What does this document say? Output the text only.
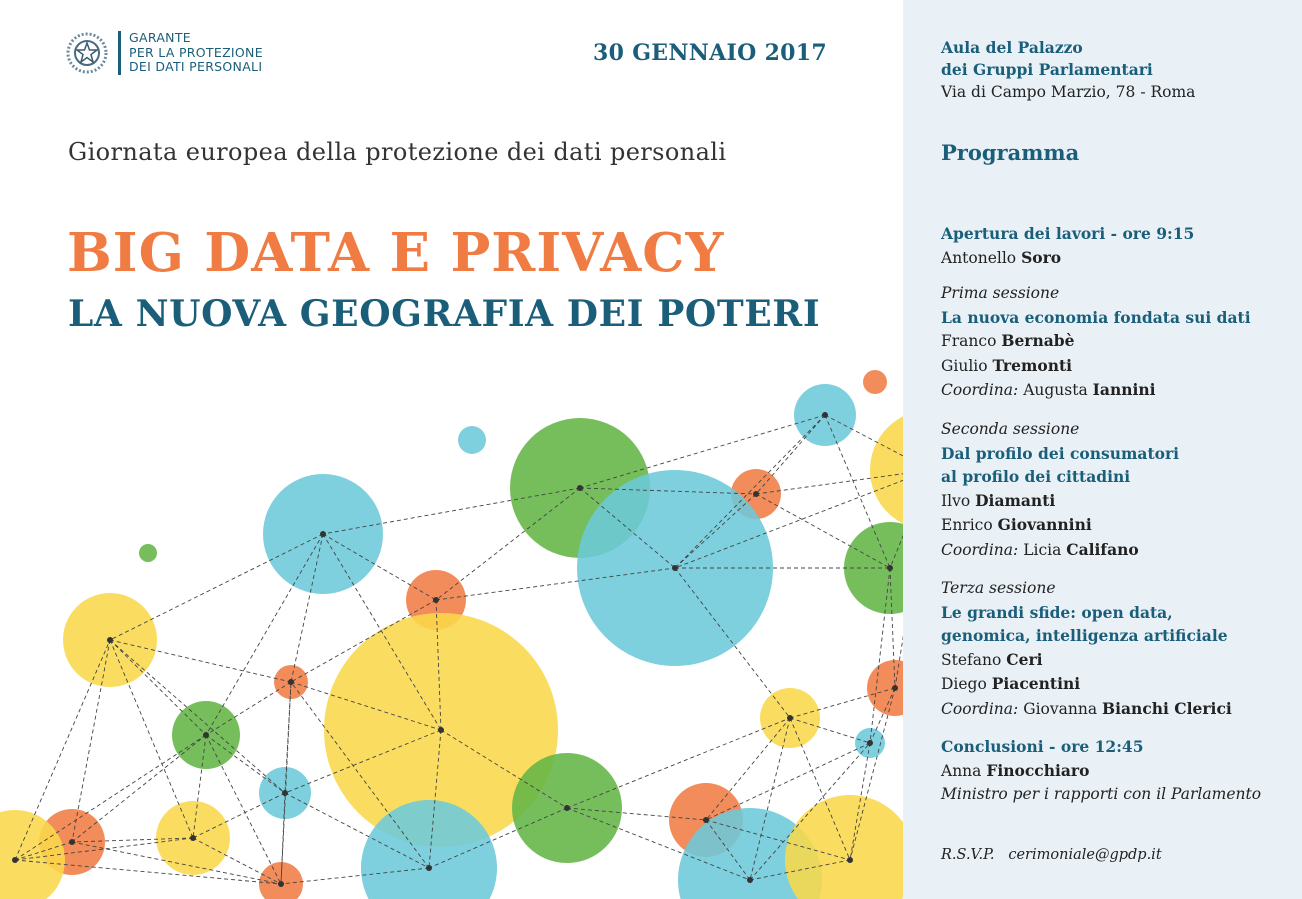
GARANTE
PER LA PROTEZIONE
DEI DATI PERSONALI
30 GENNAIO 2017
Giornata europea della protezione dei dati personali
BIG DATA E PRIVACY
LA NUOVA GEOGRAFIA DEI POTERI
Aula del Palazzo
dei Gruppi Parlamentari
Via di Campo Marzio, 78 - Roma
Programma
Apertura dei lavori - ore 9:15
Antonello Soro
Prima sessione
La nuova economia fondata sui dati
Franco Bernabè
Giulio Tremonti
Coordina: Augusta Iannini
Seconda sessione
Dal profilo dei consumatori
al profilo dei cittadini
Ilvo Diamanti
Enrico Giovannini
Coordina: Licia Califano
Terza sessione
Le grandi sfide: open data,
genomica, intelligenza artificiale
Stefano Ceri
Diego Piacentini
Coordina: Giovanna Bianchi Clerici
Conclusioni - ore 12:45
Anna Finocchiaro
Ministro per i rapporti con il Parlamento
R.S.V.P. cerimoniale@gpdp.it
